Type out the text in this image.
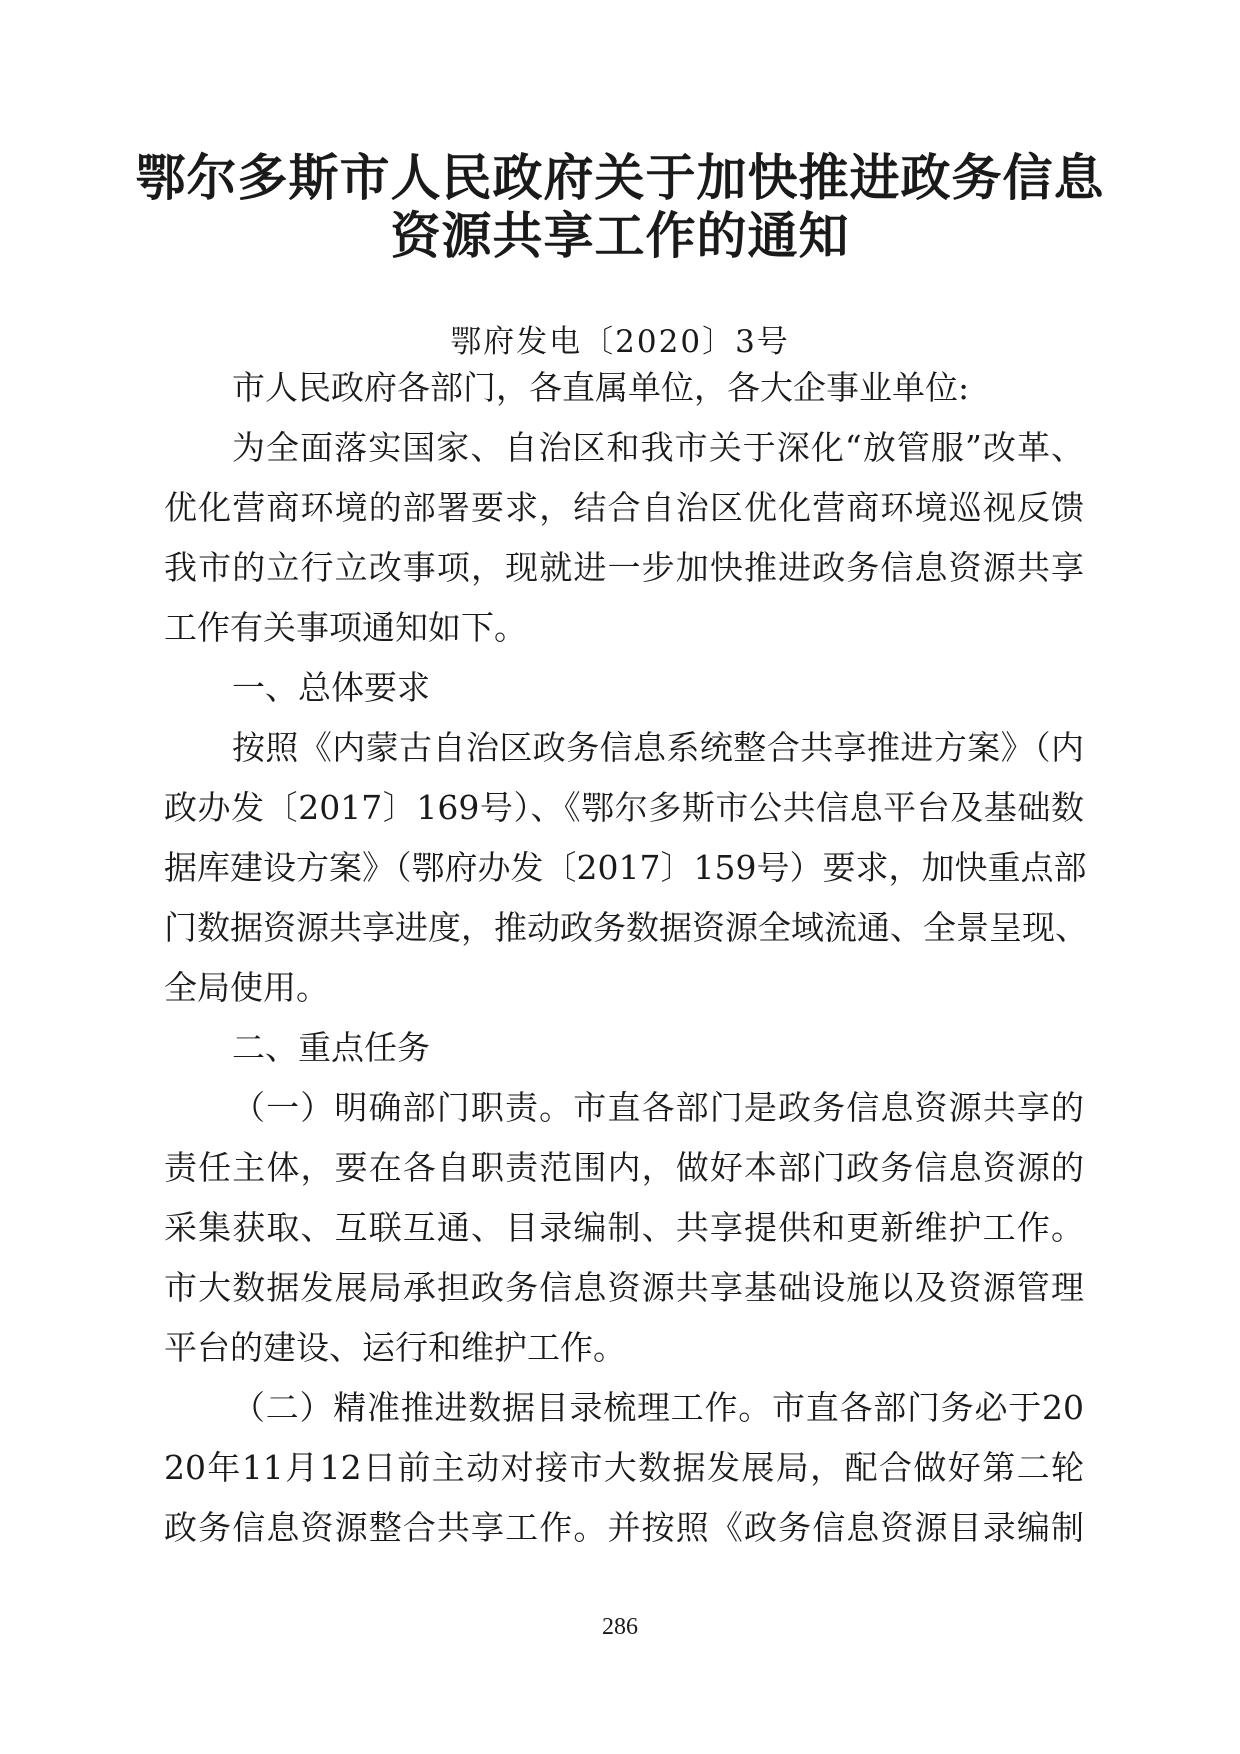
鄂尔多斯市人民政府关于加快推进政务信息
资源共享工作的通知
鄂府发电〔2020〕3号
市人民政府各部门，各直属单位，各大企事业单位:
为全面落实国家、自治区和我市关于深化“放管服”改革、
优化营商环境的部署要求，结合自治区优化营商环境巡视反馈
我市的立行立改事项，现就进一步加快推进政务信息资源共享
工作有关事项通知如下。
一、总体要求
按照《内蒙古自治区政务信息系统整合共享推进方案》（内
政办发〔2017〕169号）、《鄂尔多斯市公共信息平台及基础数
据库建设方案》（鄂府办发〔2017〕159号）要求，加快重点部
门数据资源共享进度，推动政务数据资源全域流通、全景呈现、
全局使用。
二、重点任务
（一）明确部门职责。市直各部门是政务信息资源共享的
责任主体，要在各自职责范围内，做好本部门政务信息资源的
采集获取、互联互通、目录编制、共享提供和更新维护工作。
市大数据发展局承担政务信息资源共享基础设施以及资源管理
平台的建设、运行和维护工作。
（二）精准推进数据目录梳理工作。市直各部门务必于20
20年11月12日前主动对接市大数据发展局，配合做好第二轮
政务信息资源整合共享工作。并按照《政务信息资源目录编制
286
